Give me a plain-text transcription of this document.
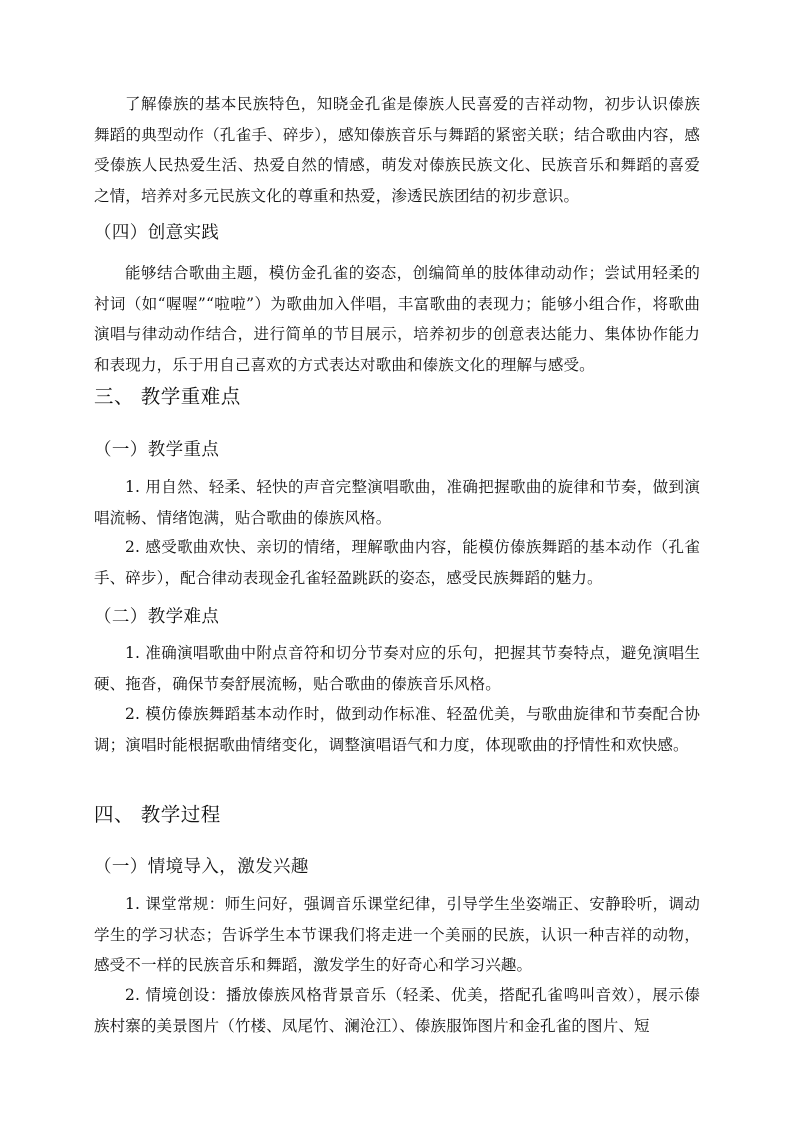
了解傣族的基本民族特色，知晓金孔雀是傣族人民喜爱的吉祥动物，初步认识傣族舞蹈的典型动作（孔雀手、碎步），感知傣族音乐与舞蹈的紧密关联；结合歌曲内容，感受傣族人民热爱生活、热爱自然的情感，萌发对傣族民族文化、民族音乐和舞蹈的喜爱之情，培养对多元民族文化的尊重和热爱，渗透民族团结的初步意识。

（四）创意实践

能够结合歌曲主题，模仿金孔雀的姿态，创编简单的肢体律动动作；尝试用轻柔的衬词（如“喔喔”“啦啦”）为歌曲加入伴唱，丰富歌曲的表现力；能够小组合作，将歌曲演唱与律动动作结合，进行简单的节目展示，培养初步的创意表达能力、集体协作能力和表现力，乐于用自己喜欢的方式表达对歌曲和傣族文化的理解与感受。

三、 教学重难点
（一）教学重点

1. 用自然、轻柔、轻快的声音完整演唱歌曲，准确把握歌曲的旋律和节奏，做到演唱流畅、情绪饱满，贴合歌曲的傣族风格。

2. 感受歌曲欢快、亲切的情绪，理解歌曲内容，能模仿傣族舞蹈的基本动作（孔雀手、碎步），配合律动表现金孔雀轻盈跳跃的姿态，感受民族舞蹈的魅力。

（二）教学难点

1. 准确演唱歌曲中附点音符和切分节奏对应的乐句，把握其节奏特点，避免演唱生硬、拖沓，确保节奏舒展流畅，贴合歌曲的傣族音乐风格。

2. 模仿傣族舞蹈基本动作时，做到动作标准、轻盈优美，与歌曲旋律和节奏配合协调；演唱时能根据歌曲情绪变化，调整演唱语气和力度，体现歌曲的抒情性和欢快感。

四、 教学过程
（一）情境导入，激发兴趣

1. 课堂常规：师生问好，强调音乐课堂纪律，引导学生坐姿端正、安静聆听，调动学生的学习状态；告诉学生本节课我们将走进一个美丽的民族，认识一种吉祥的动物，感受不一样的民族音乐和舞蹈，激发学生的好奇心和学习兴趣。

2. 情境创设：播放傣族风格背景音乐（轻柔、优美，搭配孔雀鸣叫音效），展示傣族村寨的美景图片（竹楼、凤尾竹、澜沧江）、傣族服饰图片和金孔雀的图片、短
